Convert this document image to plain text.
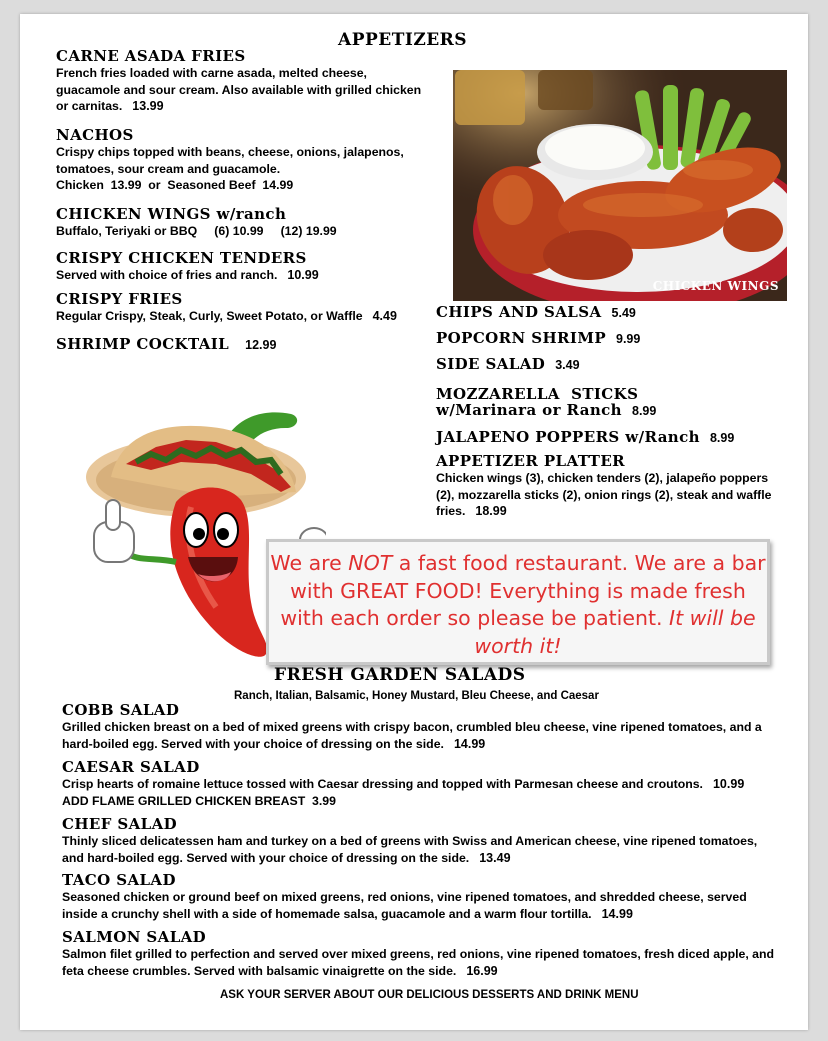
APPETIZERS
CARNE ASADA FRIES
French fries loaded with carne asada, melted cheese, guacamole and sour cream. Also available with grilled chicken or carnitas. 13.99
NACHOS
Crispy chips topped with beans, cheese, onions, jalapenos, tomatoes, sour cream and guacamole.
Chicken  13.99  or  Seasoned Beef  14.99
CHICKEN WINGS w/ranch
Buffalo, Teriyaki or BBQ     (6) 10.99     (12) 19.99
CRISPY CHICKEN TENDERS
Served with choice of fries and ranch. 10.99
CRISPY FRIES
Regular Crispy, Steak, Curly, Sweet Potato, or Waffle 4.49
SHRIMP COCKTAIL 12.99
CHICKEN WINGS
CHIPS AND SALSA 5.49
POPCORN SHRIMP 9.99
SIDE SALAD 3.49
MOZZARELLA  STICKS
w/Marinara or Ranch 8.99
JALAPENO POPPERS w/Ranch 8.99
APPETIZER PLATTER
Chicken wings (3), chicken tenders (2), jalapeño poppers (2), mozzarella sticks (2), onion rings (2), steak and waffle fries. 18.99
We are NOT a fast food restaurant. We are a bar with GREAT FOOD! Everything is made fresh with each order so please be patient. It will be worth it!
FRESH GARDEN SALADS
Ranch, Italian, Balsamic, Honey Mustard, Bleu Cheese, and Caesar
COBB SALAD
Grilled chicken breast on a bed of mixed greens with crispy bacon, crumbled bleu cheese, vine ripened tomatoes, and a hard-boiled egg. Served with your choice of dressing on the side. 14.99
CAESAR SALAD
Crisp hearts of romaine lettuce tossed with Caesar dressing and topped with Parmesan cheese and croutons. 10.99
ADD FLAME GRILLED CHICKEN BREAST  3.99
CHEF SALAD
Thinly sliced delicatessen ham and turkey on a bed of greens with Swiss and American cheese, vine ripened tomatoes, and hard-boiled egg. Served with your choice of dressing on the side. 13.49
TACO SALAD
Seasoned chicken or ground beef on mixed greens, red onions, vine ripened tomatoes, and shredded cheese, served inside a crunchy shell with a side of homemade salsa, guacamole and a warm flour tortilla. 14.99
SALMON SALAD
Salmon filet grilled to perfection and served over mixed greens, red onions, vine ripened tomatoes, fresh diced apple, and feta cheese crumbles. Served with balsamic vinaigrette on the side. 16.99
ASK YOUR SERVER ABOUT OUR DELICIOUS DESSERTS AND DRINK MENU
